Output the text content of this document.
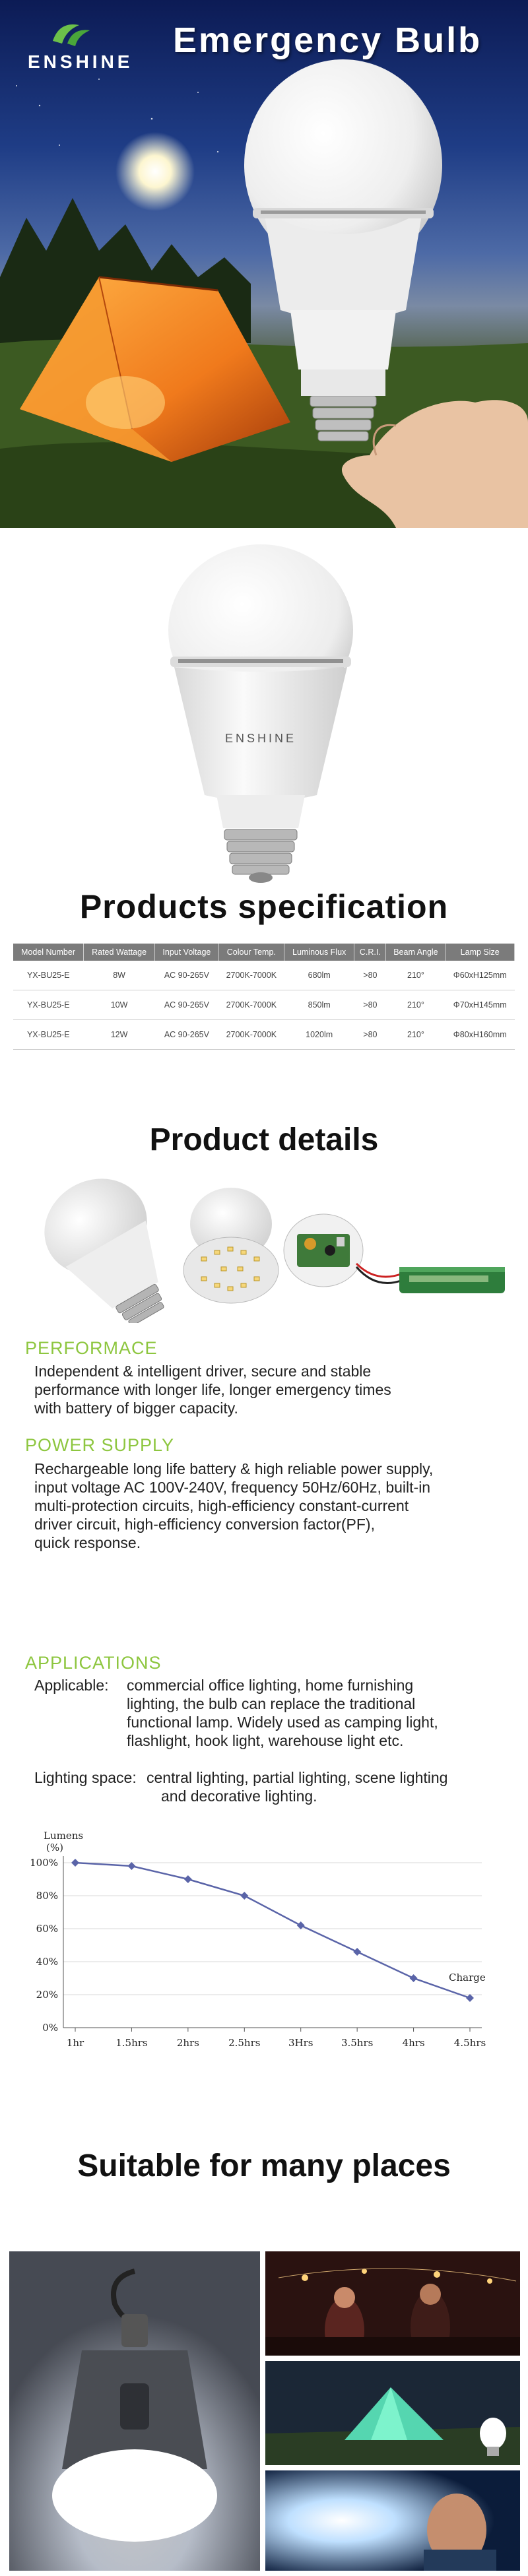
Emergency Bulb
ENSHINE
ENSHINE
Products specification
Model Number	Rated Wattage	Input Voltage	Colour Temp.	Luminous Flux	C.R.I.	Beam Angle	Lamp Size
YX-BU25-E	8W	AC 90-265V	2700K-7000K	680lm	>80	210°	Φ60xH125mm
YX-BU25-E	10W	AC 90-265V	2700K-7000K	850lm	>80	210°	Φ70xH145mm
YX-BU25-E	12W	AC 90-265V	2700K-7000K	1020lm	>80	210°	Φ80xH160mm
Product details
PERFORMACE
Independent & intelligent driver, secure and stable
performance with longer life, longer emergency times
with battery of bigger capacity.
POWER SUPPLY
Rechargeable long life battery & high reliable power supply,
input voltage AC 100V-240V, frequency 50Hz/60Hz, built-in
multi-protection circuits, high-efficiency constant-current
driver circuit, high-efficiency conversion factor(PF),
quick response.
APPLICATIONS
Applicable: commercial office lighting, home furnishing
lighting, the bulb can replace the traditional
functional lamp. Widely used as camping light,
flashlight, hook light, warehouse light etc.
Lighting space: central lighting, partial lighting, scene lighting
and decorative lighting.
Lumens
(%)
0%
20%
40%
60%
80%
100%
1hr	1.5hrs	2hrs	2.5hrs	3Hrs	3.5hrs	4hrs	4.5hrs
Charge
Suitable for many places
